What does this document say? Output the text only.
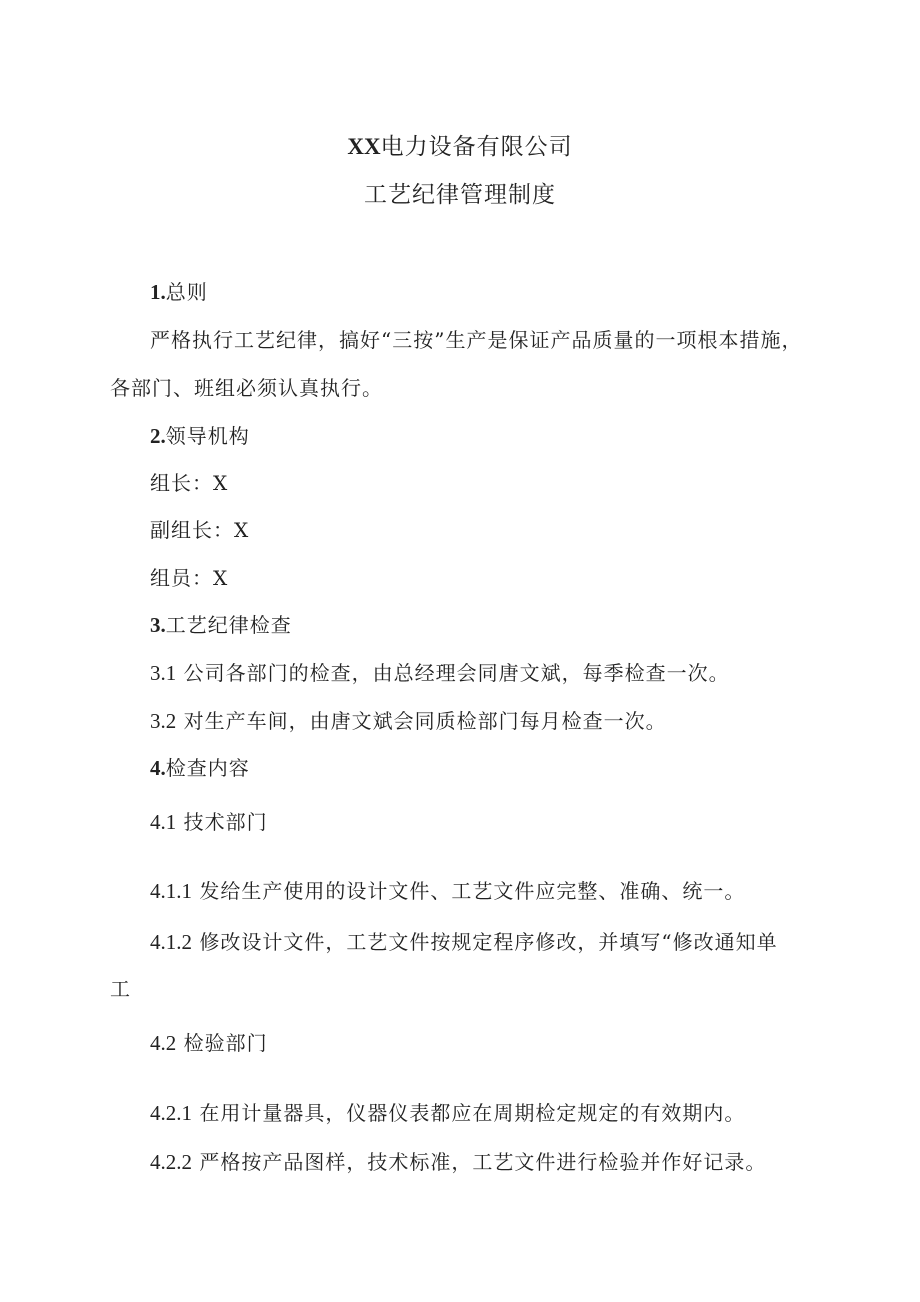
XX电力设备有限公司
工艺纪律管理制度
1.总则
严格执行工艺纪律，搞好“三按”生产是保证产品质量的一项根本措施，
各部门、班组必须认真执行。
2.领导机构
组长：X
副组长：X
组员：X
3.工艺纪律检查
3.1 公司各部门的检查，由总经理会同唐文斌，每季检查一次。
3.2 对生产车间，由唐文斌会同质检部门每月检查一次。
4.检查内容
4.1 技术部门
4.1.1 发给生产使用的设计文件、工艺文件应完整、准确、统一。
4.1.2 修改设计文件，工艺文件按规定程序修改，并填写“修改通知单
工
4.2 检验部门
4.2.1 在用计量器具，仪器仪表都应在周期检定规定的有效期内。
4.2.2 严格按产品图样，技术标准，工艺文件进行检验并作好记录。
